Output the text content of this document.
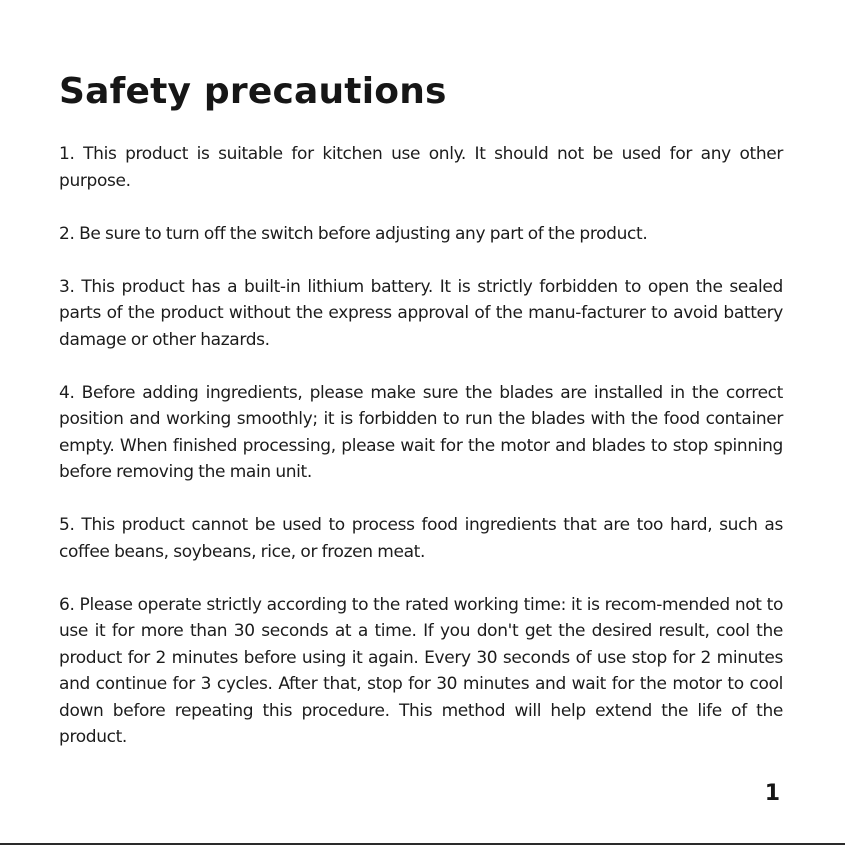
Safety precautions
1. This product is suitable for kitchen use only. It should not be used for any other purpose.
2. Be sure to turn off the switch before adjusting any part of the product.
3. This product has a built-in lithium battery. It is strictly forbidden to open the sealed parts of the product without the express approval of the manu-facturer to avoid battery damage or other hazards.
4. Before adding ingredients, please make sure the blades are installed in the correct position and working smoothly; it is forbidden to run the blades with the food container empty. When finished processing, please wait for the motor and blades to stop spinning before removing the main unit.
5. This product cannot be used to process food ingredients that are too hard, such as coffee beans, soybeans, rice, or frozen meat.
6. Please operate strictly according to the rated working time: it is recom-mended not to use it for more than 30 seconds at a time. If you don't get the desired result, cool the product for 2 minutes before using it again. Every 30 seconds of use stop for 2 minutes and continue for 3 cycles. After that, stop for 30 minutes and wait for the motor to cool down before repeating this procedure. This method will help extend the life of the product.
1
